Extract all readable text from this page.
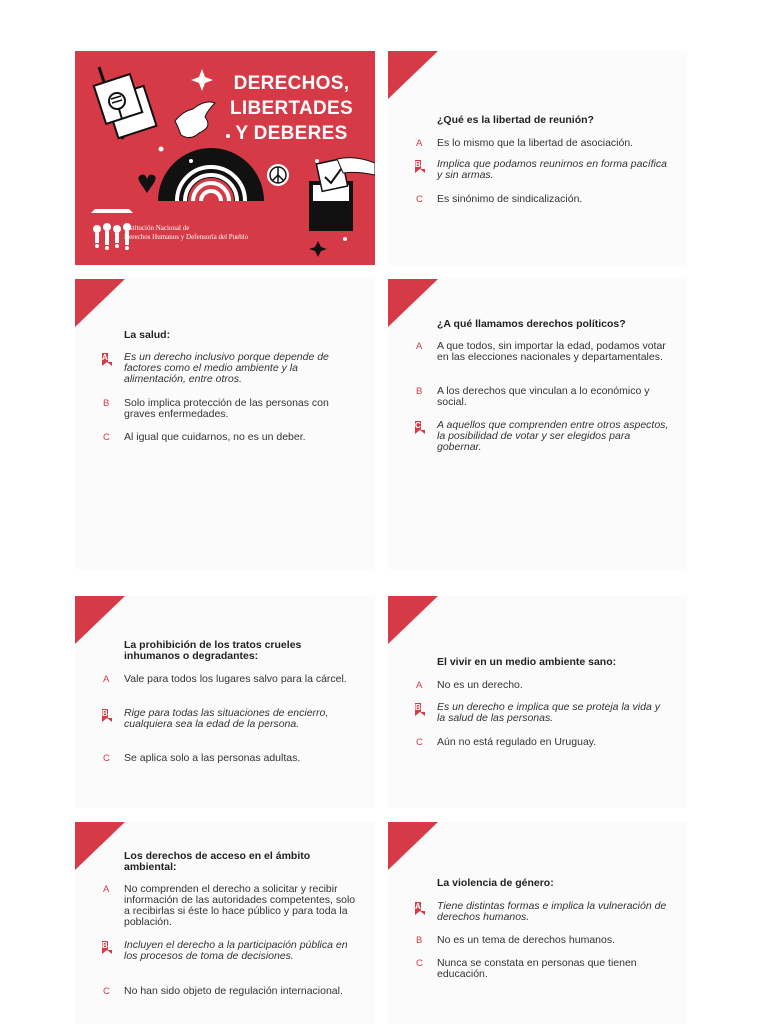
DERECHOS,
LIBERTADES
Y DEBERES
Institución Nacional de
Derechos Humanos y Defensoría del Pueblo
¿Qué es la libertad de reunión?
A	Es lo mismo que la libertad de asociación.
B	Implica que podamos reunirnos en forma pacífica y sin armas.
C	Es sinónimo de sindicalización.
La salud:
A	Es un derecho inclusivo porque depende de factores como el medio ambiente y la alimentación, entre otros.
B	Solo implica protección de las personas con graves enfermedades.
C	Al igual que cuidarnos, no es un deber.
¿A qué llamamos derechos políticos?
A	A que todos, sin importar la edad, podamos votar en las elecciones nacionales y departamentales.
B	A los derechos que vinculan a lo económico y social.
C	A aquellos que comprenden entre otros aspectos, la posibilidad de votar y ser elegidos para gobernar.
La prohibición de los tratos crueles inhumanos o degradantes:
A	Vale para todos los lugares salvo para la cárcel.
B	Rige para todas las situaciones de encierro, cualquiera sea la edad de la persona.
C	Se aplica solo a las personas adultas.
El vivir en un medio ambiente sano:
A	No es un derecho.
B	Es un derecho e implica que se proteja la vida y la salud de las personas.
C	Aún no está regulado en Uruguay.
Los derechos de acceso en el ámbito ambiental:
A	No comprenden el derecho a solicitar y recibir información de las autoridades competentes, solo a recibirlas si éste lo hace público y para toda la población.
B	Incluyen el derecho a la participación pública en los procesos de toma de decisiones.
C	No han sido objeto de regulación internacional.
La violencia de género:
A	Tiene distintas formas e implica la vulneración de derechos humanos.
B	No es un tema de derechos humanos.
C	Nunca se constata en personas que tienen educación.
